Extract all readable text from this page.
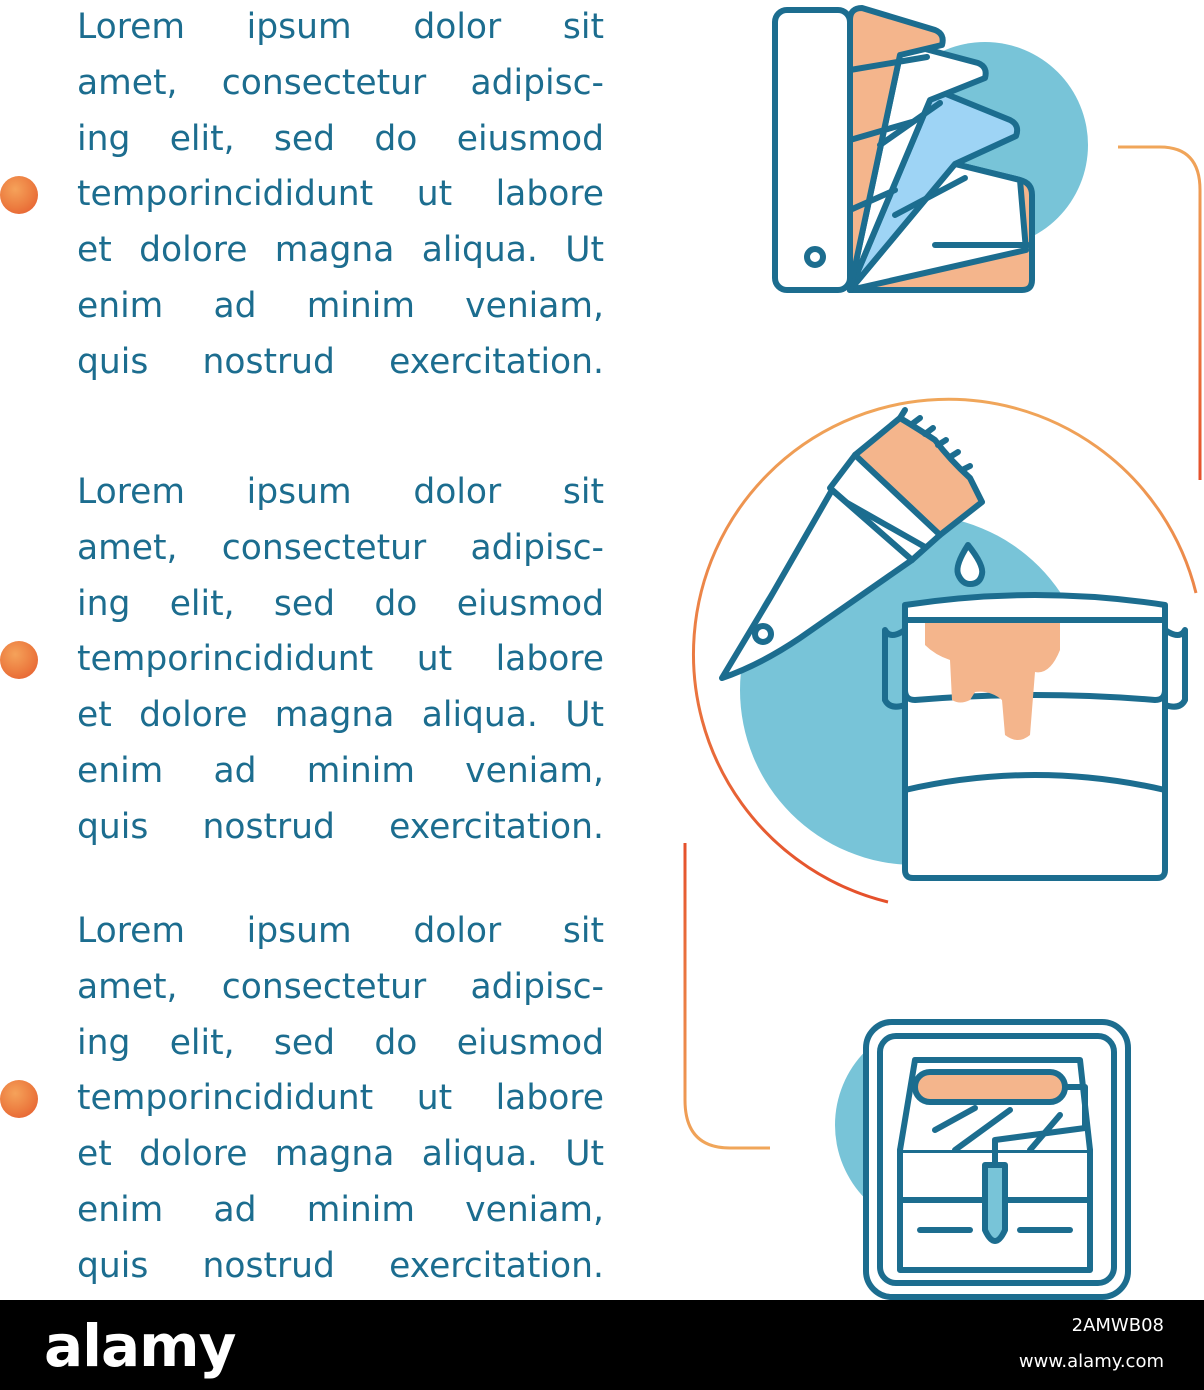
Lorem ipsum dolor sit
amet, consectetur adipisc-
ing elit, sed do eiusmod
temporincididunt ut labore
et dolore magna aliqua. Ut
enim ad minim veniam,
quis nostrud exercitation.
Lorem ipsum dolor sit
amet, consectetur adipisc-
ing elit, sed do eiusmod
temporincididunt ut labore
et dolore magna aliqua. Ut
enim ad minim veniam,
quis nostrud exercitation.
Lorem ipsum dolor sit
amet, consectetur adipisc-
ing elit, sed do eiusmod
temporincididunt ut labore
et dolore magna aliqua. Ut
enim ad minim veniam,
quis nostrud exercitation.
alamy	2AMWB08
www.alamy.com
